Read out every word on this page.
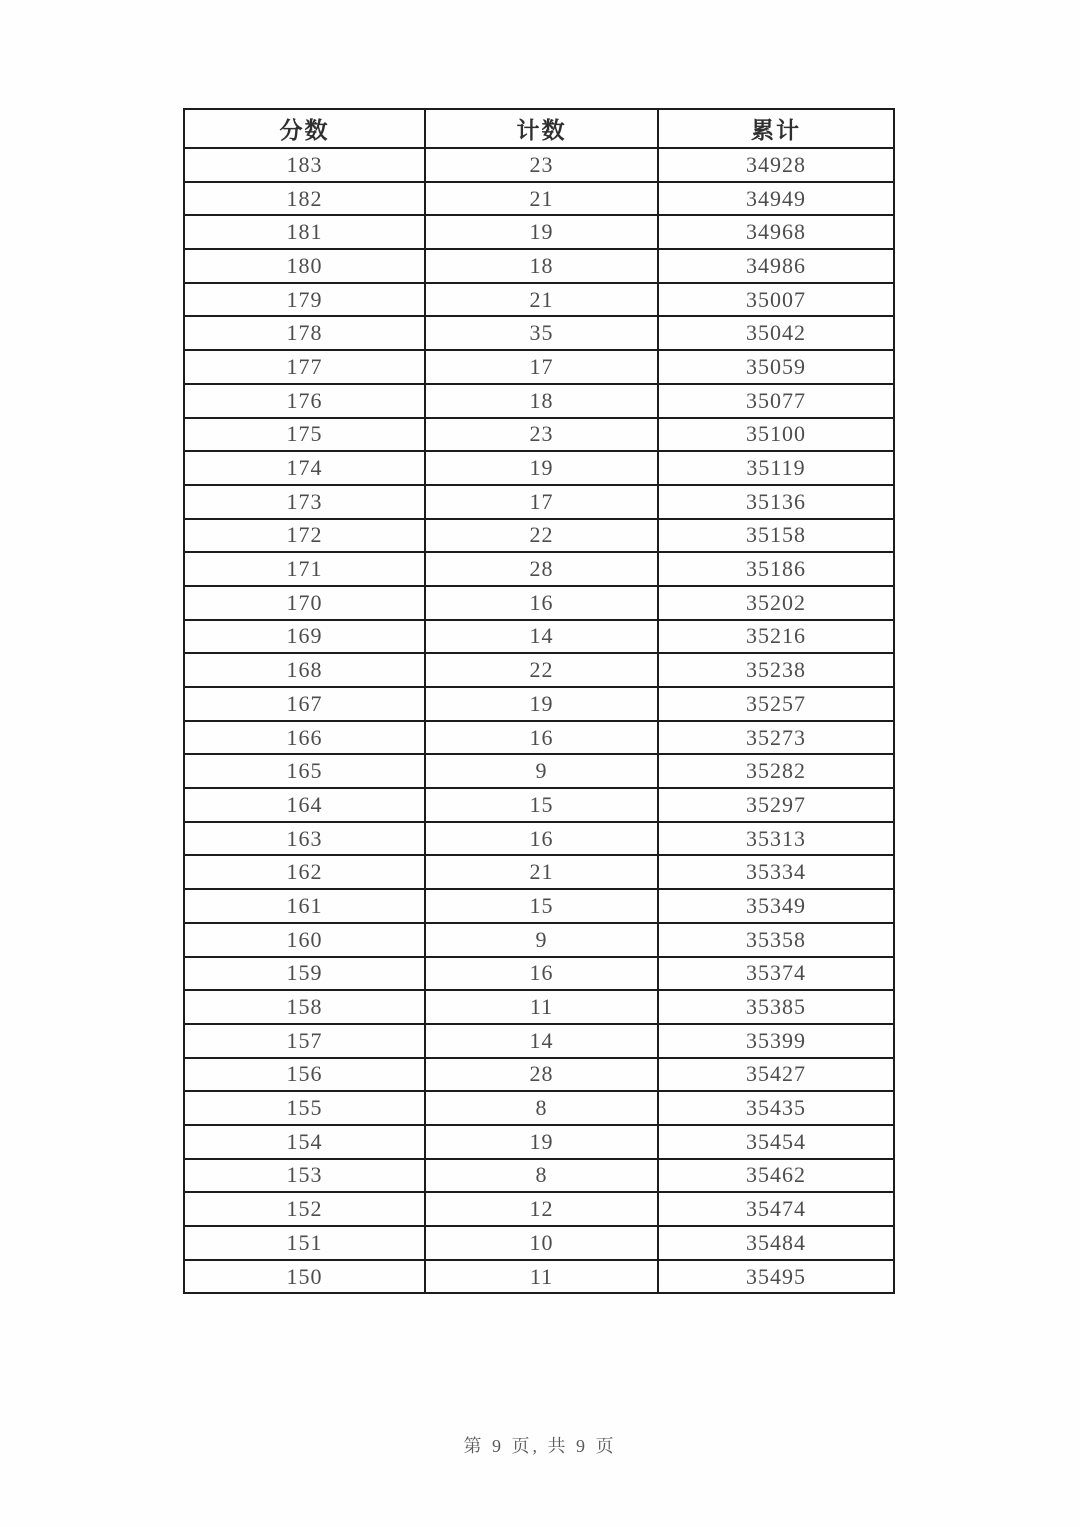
分数	计数	累计
183	23	34928
182	21	34949
181	19	34968
180	18	34986
179	21	35007
178	35	35042
177	17	35059
176	18	35077
175	23	35100
174	19	35119
173	17	35136
172	22	35158
171	28	35186
170	16	35202
169	14	35216
168	22	35238
167	19	35257
166	16	35273
165	9	35282
164	15	35297
163	16	35313
162	21	35334
161	15	35349
160	9	35358
159	16	35374
158	11	35385
157	14	35399
156	28	35427
155	8	35435
154	19	35454
153	8	35462
152	12	35474
151	10	35484
150	11	35495
第 9 页, 共 9 页
